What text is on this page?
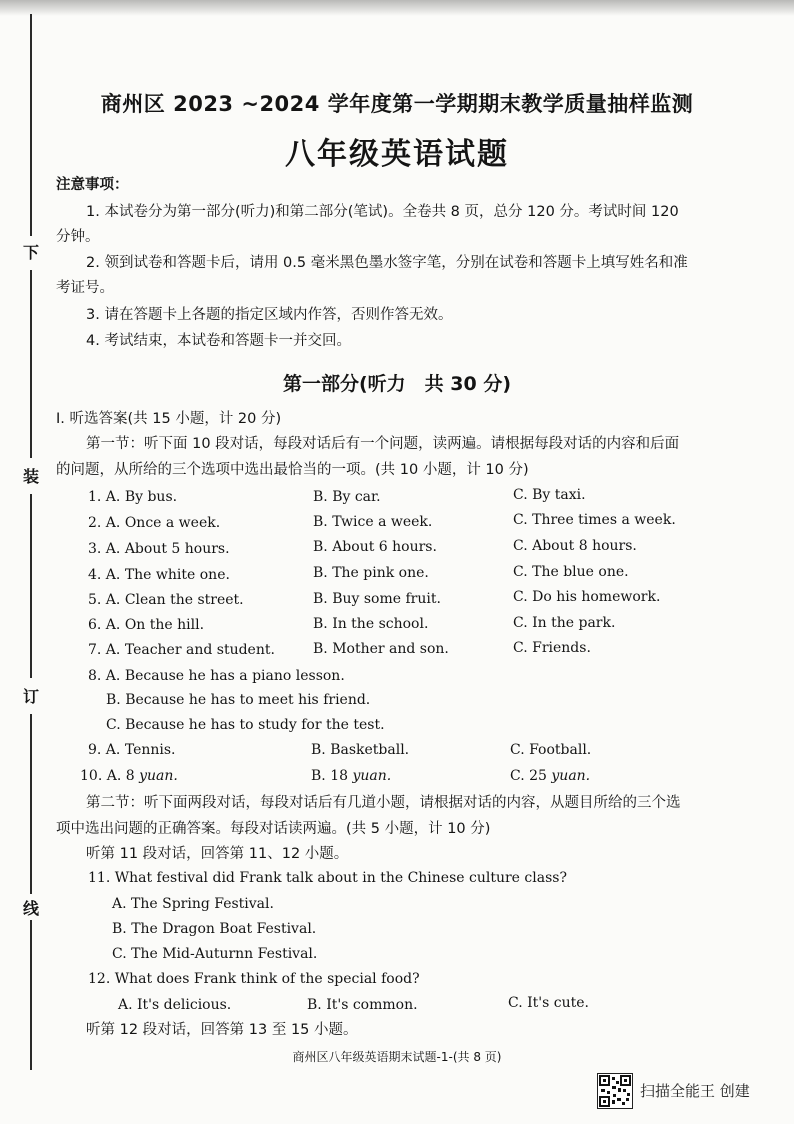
下
装
订
线
商州区 2023 ~2024 学年度第一学期期末教学质量抽样监测
八年级英语试题
注意事项：
1. 本试卷分为第一部分(听力)和第二部分(笔试)。全卷共 8 页，总分 120 分。考试时间 120
分钟。
2. 领到试卷和答题卡后，请用 0.5 毫米黑色墨水签字笔，分别在试卷和答题卡上填写姓名和准
考证号。
3. 请在答题卡上各题的指定区域内作答，否则作答无效。
4. 考试结束，本试卷和答题卡一并交回。
第一部分(听力　共 30 分)
Ⅰ. 听选答案(共 15 小题，计 20 分)
第一节：听下面 10 段对话，每段对话后有一个问题，读两遍。请根据每段对话的内容和后面
的问题，从所给的三个选项中选出最恰当的一项。(共 10 小题，计 10 分)
1. A. By bus.	B. By car.	C. By taxi.
2. A. Once a week.	B. Twice a week.	C. Three times a week.
3. A. About 5 hours.	B. About 6 hours.	C. About 8 hours.
4. A. The white one.	B. The pink one.	C. The blue one.
5. A. Clean the street.	B. Buy some fruit.	C. Do his homework.
6. A. On the hill.	B. In the school.	C. In the park.
7. A. Teacher and student.	B. Mother and son.	C. Friends.
8. A. Because he has a piano lesson.
B. Because he has to meet his friend.
C. Because he has to study for the test.
9. A. Tennis.	B. Basketball.	C. Football.
10. A. 8 yuan.	B. 18 yuan.	C. 25 yuan.
第二节：听下面两段对话，每段对话后有几道小题，请根据对话的内容，从题目所给的三个选
项中选出问题的正确答案。每段对话读两遍。(共 5 小题，计 10 分)
听第 11 段对话，回答第 11、12 小题。
11. What festival did Frank talk about in the Chinese culture class?
A. The Spring Festival.
B. The Dragon Boat Festival.
C. The Mid-Auturnn Festival.
12. What does Frank think of the special food?
A. It's delicious.	B. It's common.	C. It's cute.
听第 12 段对话，回答第 13 至 15 小题。
商州区八年级英语期末试题-1-(共 8 页)
扫描全能王 创建
